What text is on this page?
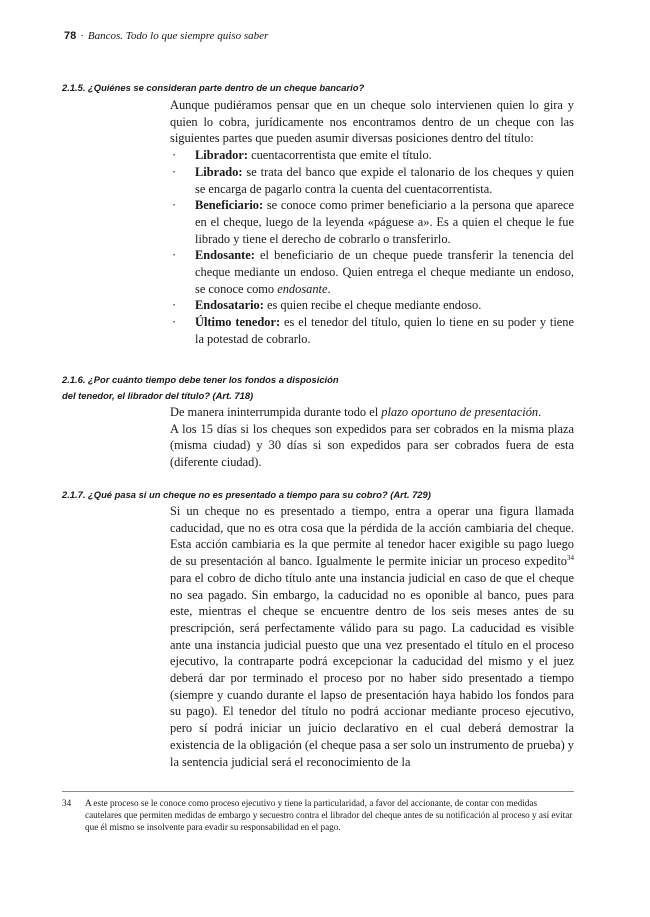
78 · Bancos. Todo lo que siempre quiso saber
2.1.5. ¿Quiénes se consideran parte dentro de un cheque bancario?

Aunque pudiéramos pensar que en un cheque solo intervienen quien lo gira y quien lo cobra, jurídicamente nos encontramos dentro de un cheque con las siguientes partes que pueden asumir diversas posiciones dentro del título:

· Librador: cuentacorrentista que emite el título.
· Librado: se trata del banco que expide el talonario de los cheques y quien se encarga de pagarlo contra la cuenta del cuentacorrentista.
· Beneficiario: se conoce como primer beneficiario a la persona que aparece en el cheque, luego de la leyenda «páguese a». Es a quien el cheque le fue librado y tiene el derecho de cobrarlo o transferirlo.
· Endosante: el beneficiario de un cheque puede transferir la tenencia del cheque mediante un endoso. Quien entrega el cheque mediante un endoso, se conoce como endosante.
· Endosatario: es quien recibe el cheque mediante endoso.
· Último tenedor: es el tenedor del título, quien lo tiene en su poder y tiene la potestad de cobrarlo.
2.1.6. ¿Por cuánto tiempo debe tener los fondos a disposición
del tenedor, el librador del título? (Art. 718)

De manera ininterrumpida durante todo el plazo oportuno de presentación.

A los 15 días si los cheques son expedidos para ser cobrados en la misma plaza (misma ciudad) y 30 días si son expedidos para ser cobrados fuera de esta (diferente ciudad).

2.1.7. ¿Qué pasa si un cheque no es presentado a tiempo para su cobro? (Art. 729)

Si un cheque no es presentado a tiempo, entra a operar una figura llamada caducidad, que no es otra cosa que la pérdida de la acción cambiaria del cheque. Esta acción cambiaria es la que permite al tenedor hacer exigible su pago luego de su presentación al banco. Igualmente le permite iniciar un proceso expedito$^{34}$ para el cobro de dicho título ante una instancia judicial en caso de que el cheque no sea pagado. Sin embargo, la caducidad no es oponible al banco, pues para este, mientras el cheque se encuentre dentro de los seis meses antes de su prescripción, será perfectamente válido para su pago. La caducidad es visible ante una instancia judicial puesto que una vez presentado el título en el proceso ejecutivo, la contraparte podrá excepcionar la caducidad del mismo y el juez deberá dar por terminado el proceso por no haber sido presentado a tiempo (siempre y cuando durante el lapso de presentación haya habido los fondos para su pago). El tenedor del título no podrá accionar mediante proceso ejecutivo, pero sí podrá iniciar un juicio declarativo en el cual deberá demostrar la existencia de la obligación (el cheque pasa a ser solo un instrumento de prueba) y la sentencia judicial será el reconocimiento de la

34 A este proceso se le conoce como proceso ejecutivo y tiene la particularidad, a favor del accionante, de contar con medidas cautelares que permiten medidas de embargo y secuestro contra el librador del cheque antes de su notificación al proceso y así evitar que él mismo se insolvente para evadir su responsabilidad en el pago.
